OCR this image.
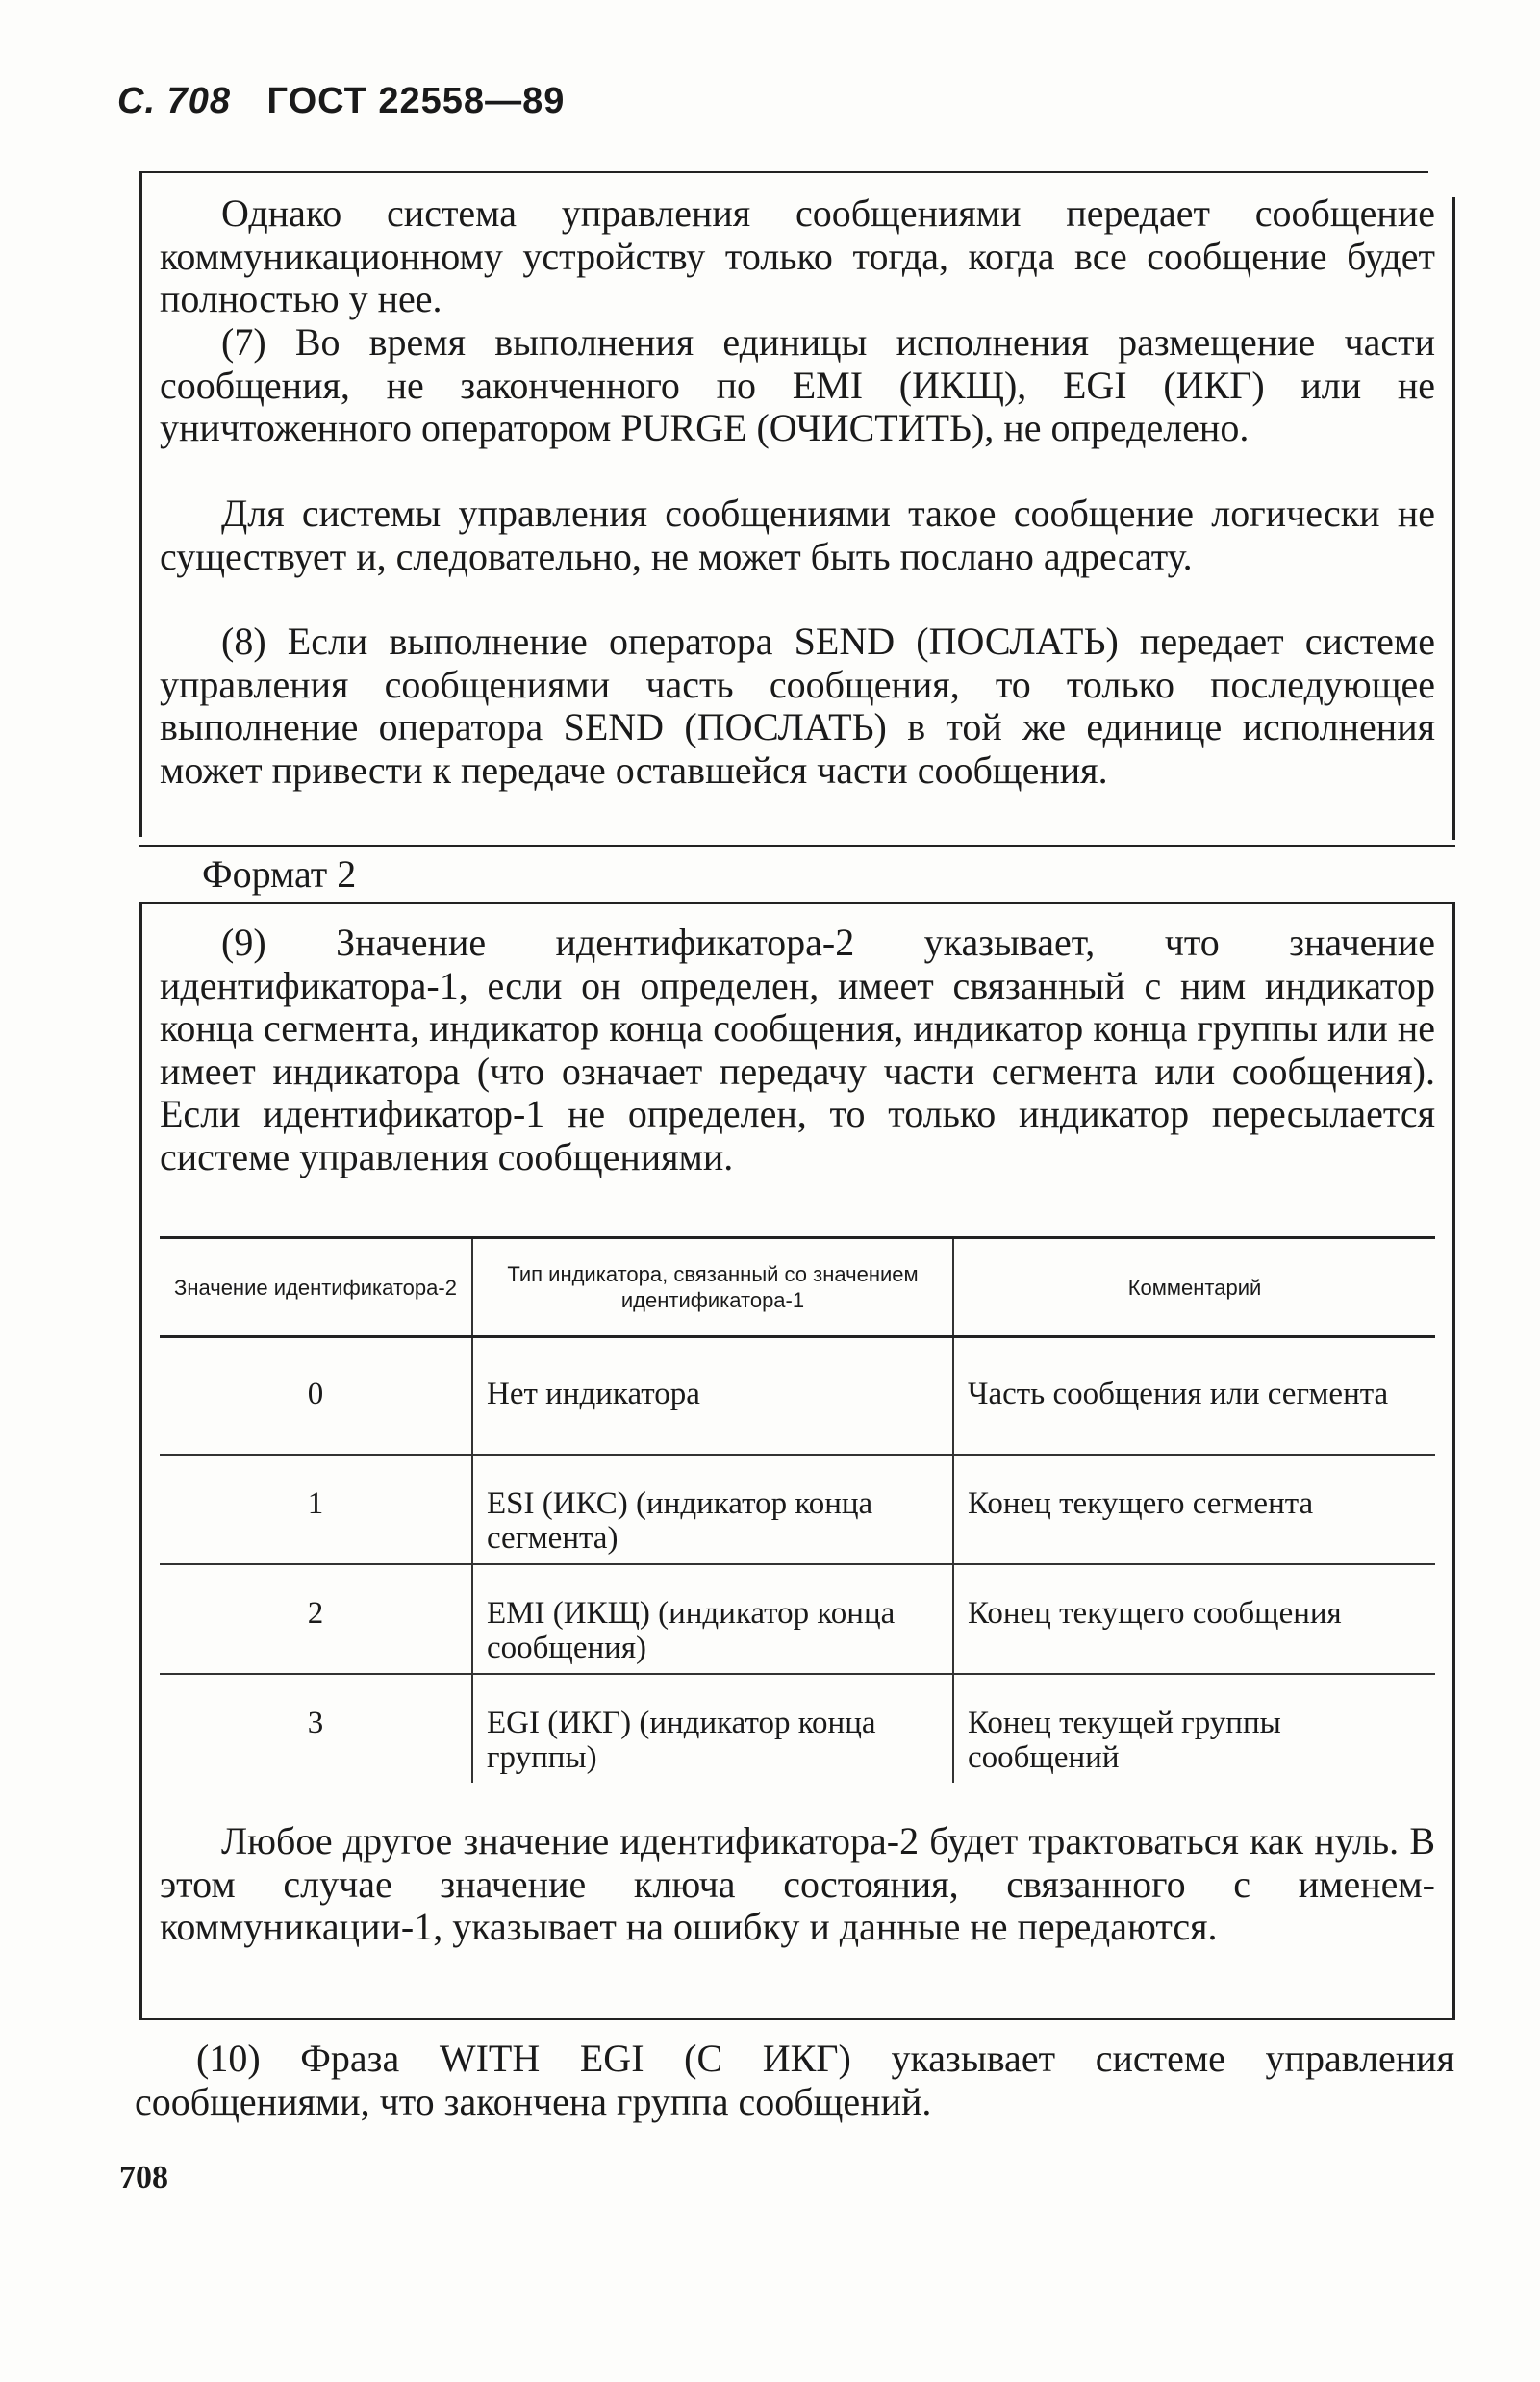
С. 708 ГОСТ 22558—89

Однако система управления сообщениями передает сообщение коммуникационному устройству только тогда, когда все сообщение будет полностью у нее.

(7) Во время выполнения единицы исполнения размещение части сообщения, не законченного по EMI (ИКЩ), EGI (ИКГ) или не уничтоженного оператором PURGE (ОЧИСТИТЬ), не определено.

Для системы управления сообщениями такое сообщение логически не существует и, следовательно, не может быть послано адресату.

(8) Если выполнение оператора SEND (ПОСЛАТЬ) передает системе управления сообщениями часть сообщения, то только последующее выполнение оператора SEND (ПОСЛАТЬ) в той же единице исполнения может привести к передаче оставшейся части сообщения.

Формат 2

(9) Значение идентификатора-2 указывает, что значение идентификатора-1, если он определен, имеет связанный с ним индикатор конца сегмента, индикатор конца сообщения, индикатор конца группы или не имеет индикатора (что означает передачу части сегмента или сообщения). Если идентификатор-1 не определен, то только индикатор пересылается системе управления сообщениями.

Значение идентификатора-2	Тип индикатора, связанный со значением идентификатора-1	Комментарий
0	Нет индикатора	Часть сообщения или сегмента
1	ESI (ИКС) (индикатор конца сегмента)	Конец текущего сегмента
2	EMI (ИКЩ) (индикатор конца сообщения)	Конец текущего сообщения
3	EGI (ИКГ) (индикатор конца группы)	Конец текущей группы сообщений

Любое другое значение идентификатора-2 будет трактоваться как нуль. В этом случае значение ключа состояния, связанного с именем-коммуникации-1, указывает на ошибку и данные не передаются.

(10) Фраза WITH EGI (С ИКГ) указывает системе управления сообщениями, что закончена группа сообщений.

708
